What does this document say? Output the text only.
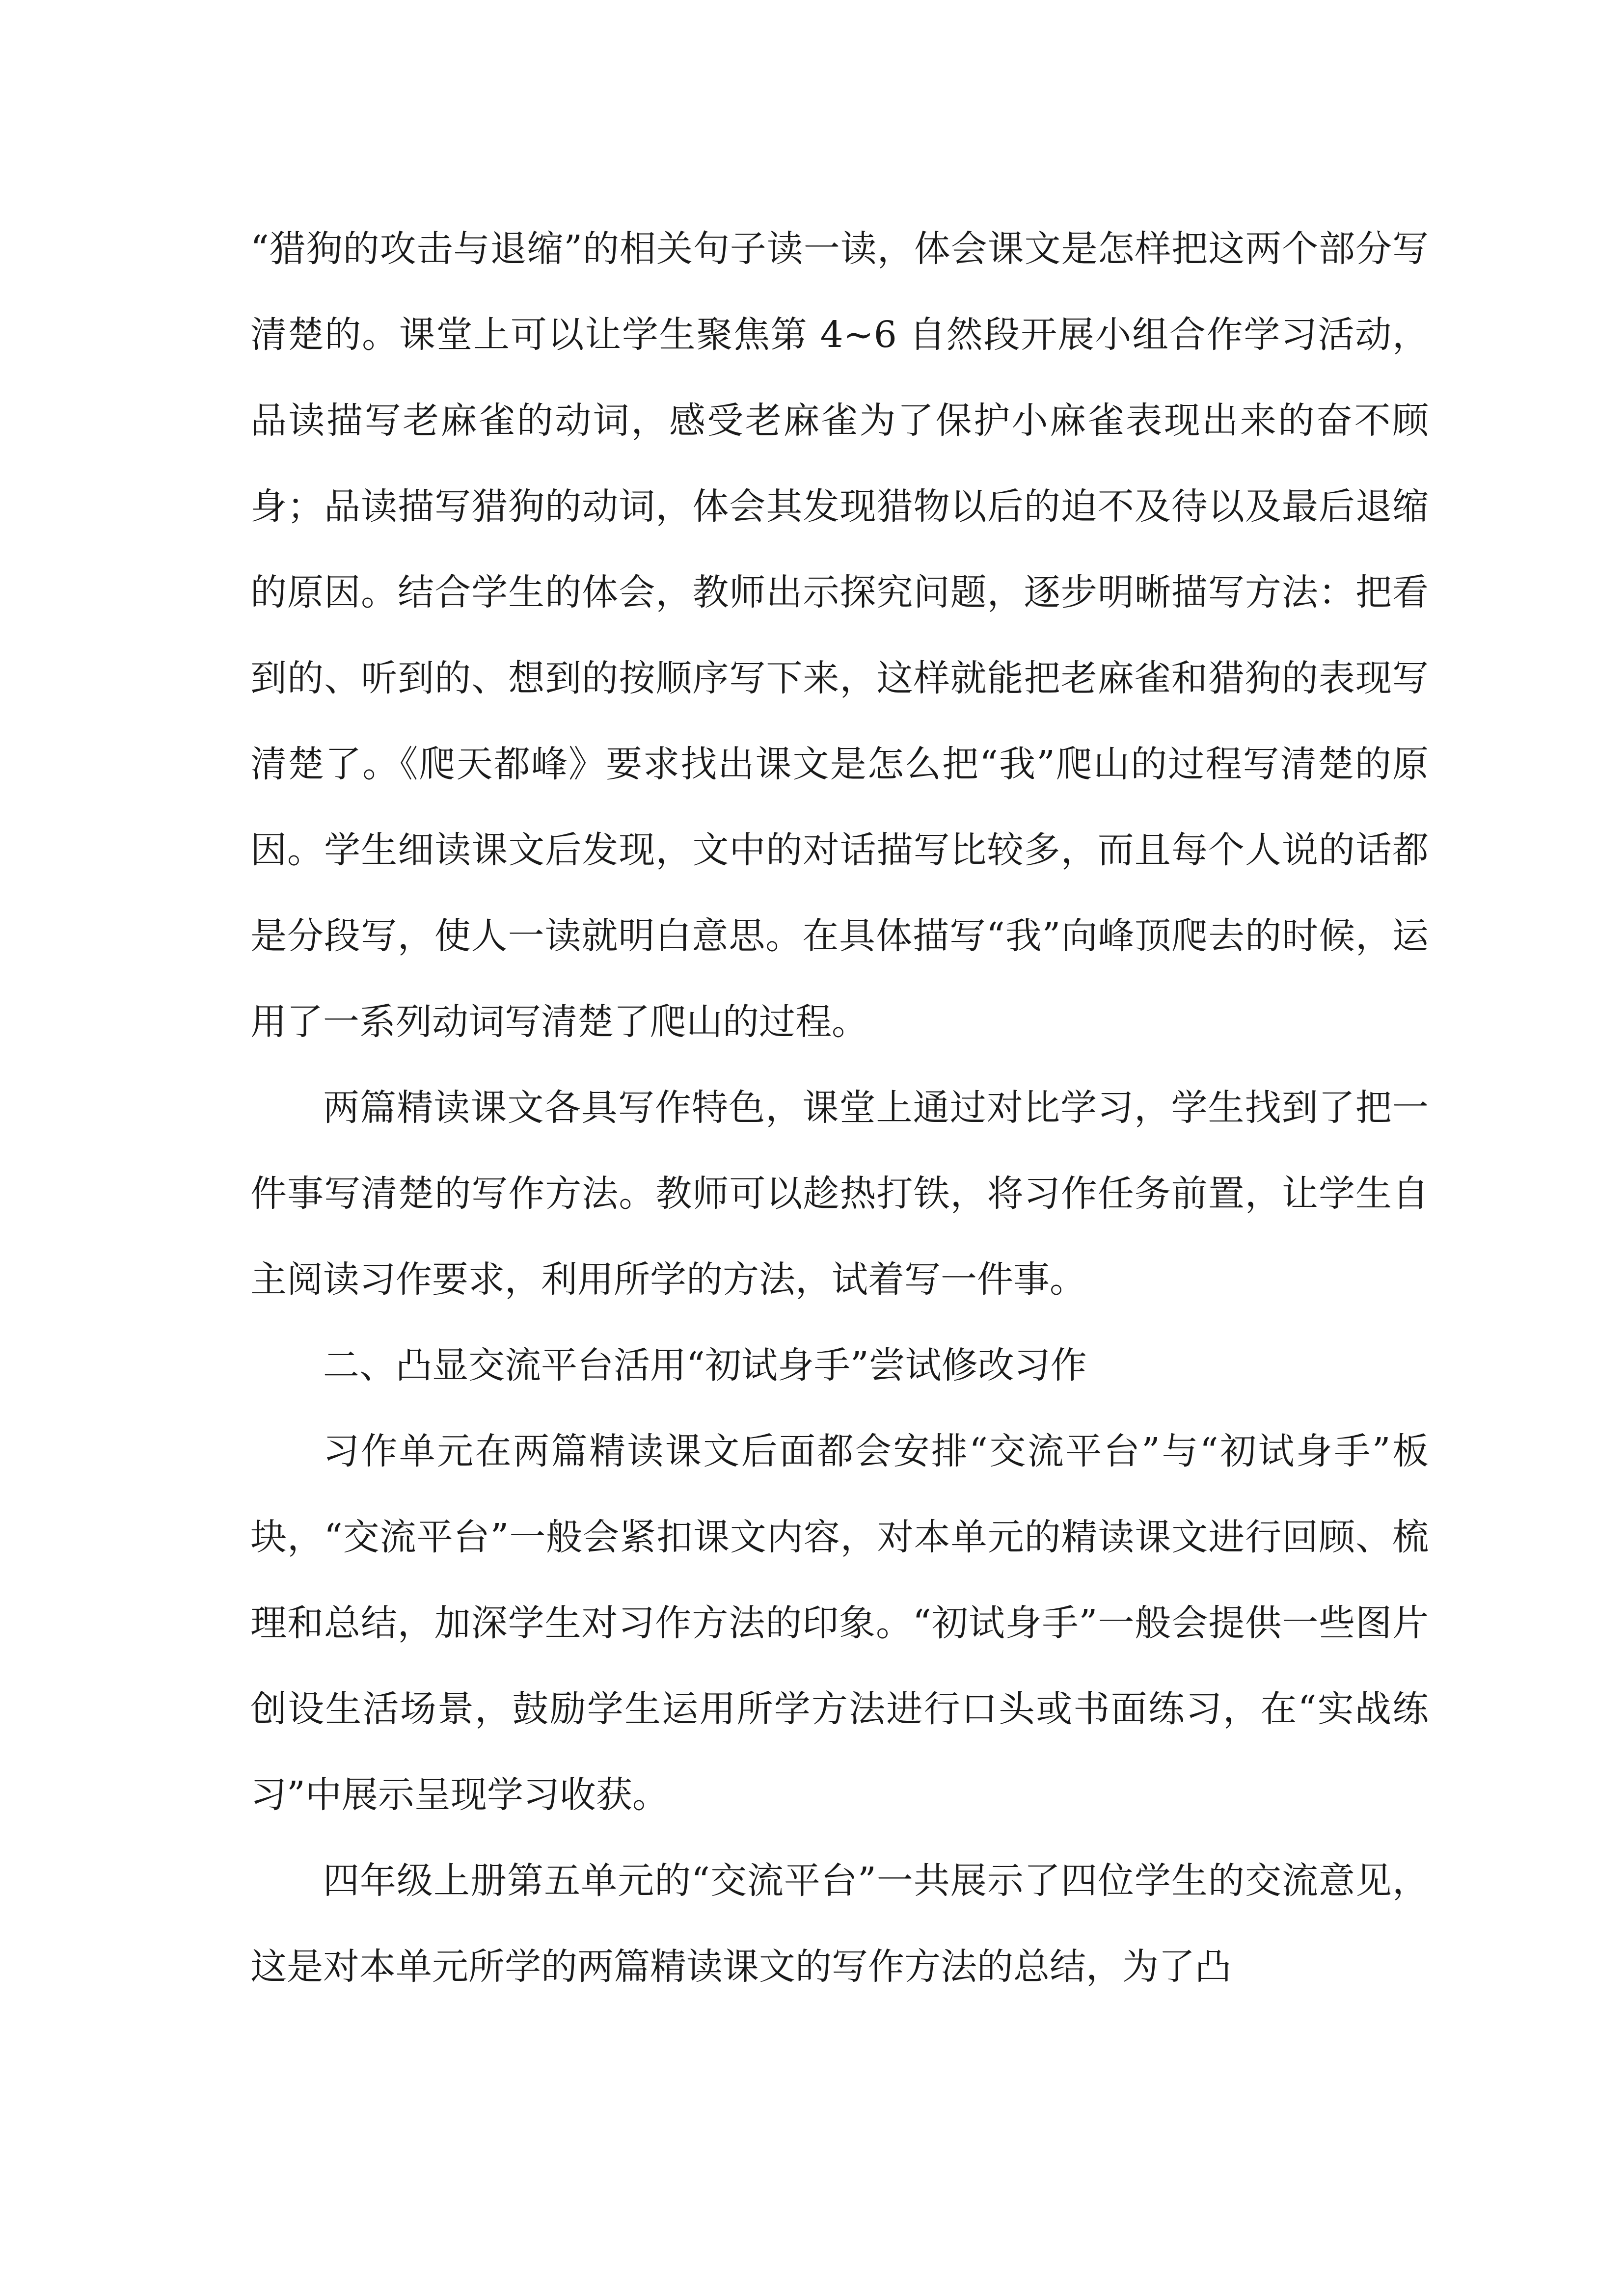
“猎狗的攻击与退缩”的相关句子读一读，体会课文是怎样把这两个部分写清楚的。课堂上可以让学生聚焦第 4~6 自然段开展小组合作学习活动，品读描写老麻雀的动词，感受老麻雀为了保护小麻雀表现出来的奋不顾身；品读描写猎狗的动词，体会其发现猎物以后的迫不及待以及最后退缩的原因。结合学生的体会，教师出示探究问题，逐步明晰描写方法：把看到的、听到的、想到的按顺序写下来，这样就能把老麻雀和猎狗的表现写清楚了。《爬天都峰》要求找出课文是怎么把“我”爬山的过程写清楚的原因。学生细读课文后发现，文中的对话描写比较多，而且每个人说的话都是分段写，使人一读就明白意思。在具体描写“我”向峰顶爬去的时候，运用了一系列动词写清楚了爬山的过程。

两篇精读课文各具写作特色，课堂上通过对比学习，学生找到了把一件事写清楚的写作方法。教师可以趁热打铁，将习作任务前置，让学生自主阅读习作要求，利用所学的方法，试着写一件事。

二、凸显交流平台活用“初试身手”尝试修改习作

习作单元在两篇精读课文后面都会安排“交流平台”与“初试身手”板块，“交流平台”一般会紧扣课文内容，对本单元的精读课文进行回顾、梳理和总结，加深学生对习作方法的印象。“初试身手”一般会提供一些图片创设生活场景，鼓励学生运用所学方法进行口头或书面练习，在“实战练习”中展示呈现学习收获。

四年级上册第五单元的“交流平台”一共展示了四位学生的交流意见，这是对本单元所学的两篇精读课文的写作方法的总结，为了凸
